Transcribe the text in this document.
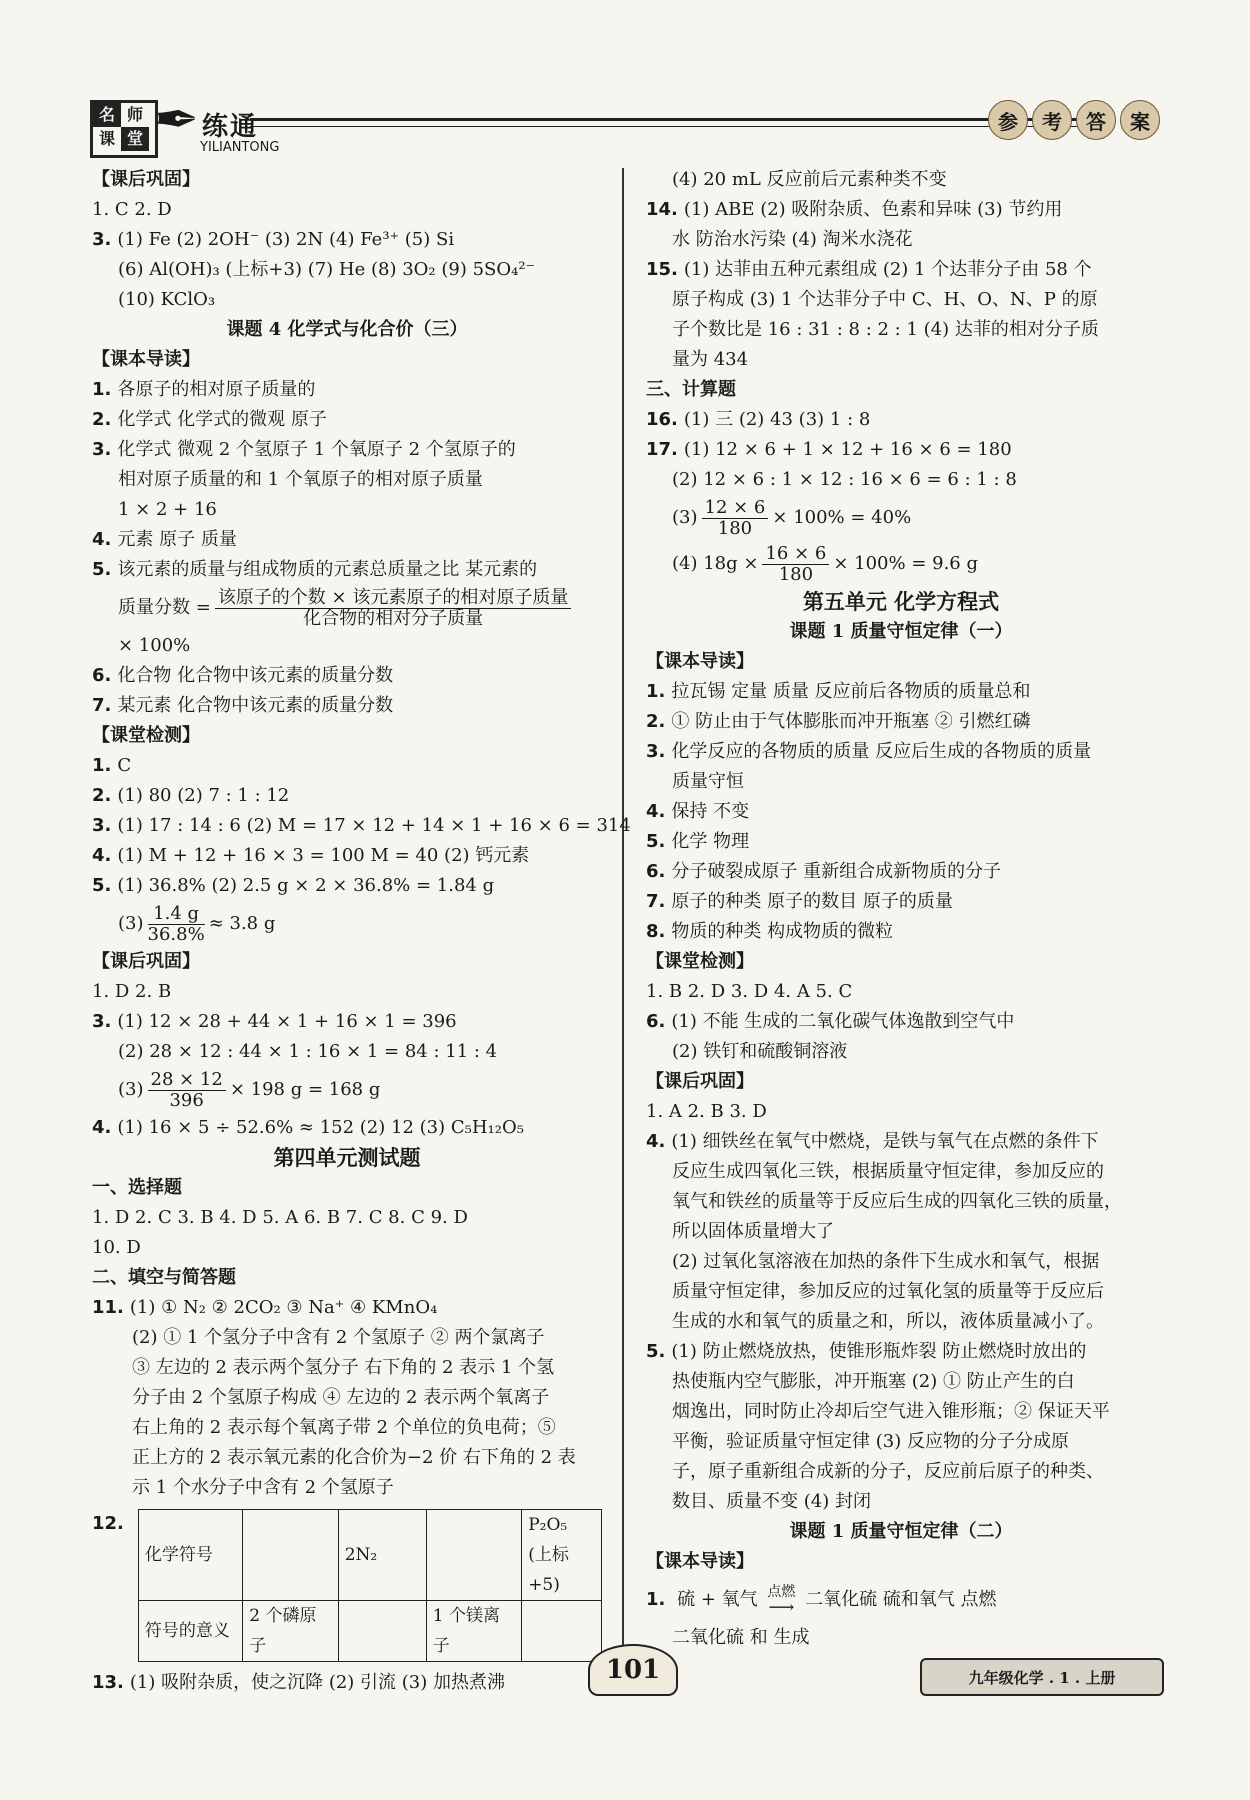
名 师
课 堂 ✒ 练通
YILIANTONG
参	考	答	案
【课后巩固】
1. C 2. D
3. (1) Fe (2) 2OH⁻ (3) 2N (4) Fe³⁺ (5) Si
(6) Al(OH)₃ (上标+3) (7) He (8) 3O₂ (9) 5SO₄²⁻
(10) KClO₃
课题 4 化学式与化合价（三）
【课本导读】
1. 各原子的相对原子质量的
2. 化学式 化学式的微观 原子
3. 化学式 微观 2 个氢原子 1 个氧原子 2 个氢原子的
相对原子质量的和 1 个氧原子的相对原子质量
1 × 2 + 16
4. 元素 原子 质量
5. 该元素的质量与组成物质的元素总质量之比 某元素的
质量分数 = $\frac{\text{该原子的个数 × 该元素原子的相对原子质量}}{\text{化合物的相对分子质量}}$
× 100%
6. 化合物 化合物中该元素的质量分数
7. 某元素 化合物中该元素的质量分数
【课堂检测】
1. C
2. (1) 80 (2) 7 : 1 : 12
3. (1) 17 : 14 : 6 (2) M = 17 × 12 + 14 × 1 + 16 × 6 = 314
4. (1) M + 12 + 16 × 3 = 100 M = 40 (2) 钙元素
5. (1) 36.8% (2) 2.5 g × 2 × 36.8% = 1.84 g
$(3) \frac{1.4 g}{36.8\%} \approx 3.8$ g
【课后巩固】
1. D 2. B
3. (1) 12 × 28 + 44 × 1 + 16 × 1 = 396
(2) 28 × 12 : 44 × 1 : 16 × 1 = 84 : 11 : 4
$(3) \frac{28 \times 12}{396} \times 198$ g = 168 g
4. (1) 16 × 5 ÷ 52.6% ≈ 152 (2) 12 (3) C₅H₁₂O₅
第四单元测试题
一、选择题
1. D 2. C 3. B 4. D 5. A 6. B 7. C 8. C 9. D
10. D
二、填空与简答题
11. (1) ① N₂ ② 2CO₂ ③ Na⁺ ④ KMnO₄
(2) ① 1 个氢分子中含有 2 个氢原子 ② 两个氯离子
③ 左边的 2 表示两个氢分子 右下角的 2 表示 1 个氢
分子由 2 个氢原子构成 ④ 左边的 2 表示两个氧离子
右上角的 2 表示每个氧离子带 2 个单位的负电荷；⑤
正上方的 2 表示氧元素的化合价为−2 价 右下角的 2 表
示 1 个水分子中含有 2 个氢原子
12.
化学符号		2N₂		P₂O₅ (上标+5)
符号的意义	2 个磷原子		1 个镁离子	
13. (1) 吸附杂质，使之沉降 (2) 引流 (3) 加热煮沸
(4) 20 mL 反应前后元素种类不变
14. (1) ABE (2) 吸附杂质、色素和异味 (3) 节约用
水 防治水污染 (4) 淘米水浇花
15. (1) 达菲由五种元素组成 (2) 1 个达菲分子由 58 个
原子构成 (3) 1 个达菲分子中 C、H、O、N、P 的原
子个数比是 16 : 31 : 8 : 2 : 1 (4) 达菲的相对分子质
量为 434
三、计算题
16. (1) 三 (2) 43 (3) 1 : 8
17. (1) 12 × 6 + 1 × 12 + 16 × 6 = 180
(2) 12 × 6 : 1 × 12 : 16 × 6 = 6 : 1 : 8
$(3) \frac{12 \times 6}{180} \times 100\% = 40\%$
(4) $18g \times \frac{16 \times 6}{180} \times 100\% = 9.6$ g
第五单元 化学方程式
课题 1 质量守恒定律（一）
【课本导读】
1. 拉瓦锡 定量 质量 反应前后各物质的质量总和
2. ① 防止由于气体膨胀而冲开瓶塞 ② 引燃红磷
3. 化学反应的各物质的质量 反应后生成的各物质的质量
质量守恒
4. 保持 不变
5. 化学 物理
6. 分子破裂成原子 重新组合成新物质的分子
7. 原子的种类 原子的数目 原子的质量
8. 物质的种类 构成物质的微粒
【课堂检测】
1. B 2. D 3. D 4. A 5. C
6. (1) 不能 生成的二氧化碳气体逸散到空气中
(2) 铁钉和硫酸铜溶液
【课后巩固】
1. A 2. B 3. D
4. (1) 细铁丝在氧气中燃烧，是铁与氧气在点燃的条件下
反应生成四氧化三铁，根据质量守恒定律，参加反应的
氧气和铁丝的质量等于反应后生成的四氧化三铁的质量，
所以固体质量增大了
(2) 过氧化氢溶液在加热的条件下生成水和氧气，根据
质量守恒定律，参加反应的过氧化氢的质量等于反应后
生成的水和氧气的质量之和，所以，液体质量减小了。
5. (1) 防止燃烧放热，使锥形瓶炸裂 防止燃烧时放出的
热使瓶内空气膨胀，冲开瓶塞 (2) ① 防止产生的白
烟逸出，同时防止冷却后空气进入锥形瓶；② 保证天平
平衡，验证质量守恒定律 (3) 反应物的分子分成原
子，原子重新组合成新的分子，反应前后原子的种类、
数目、质量不变 (4) 封闭
课题 1 质量守恒定律（二）
【课本导读】
1. 硫 + 氧气 点燃
⟶ 二氧化硫 硫和氧气 点燃
二氧化硫 和 生成
101	九年级化学 . 1 . 上册
